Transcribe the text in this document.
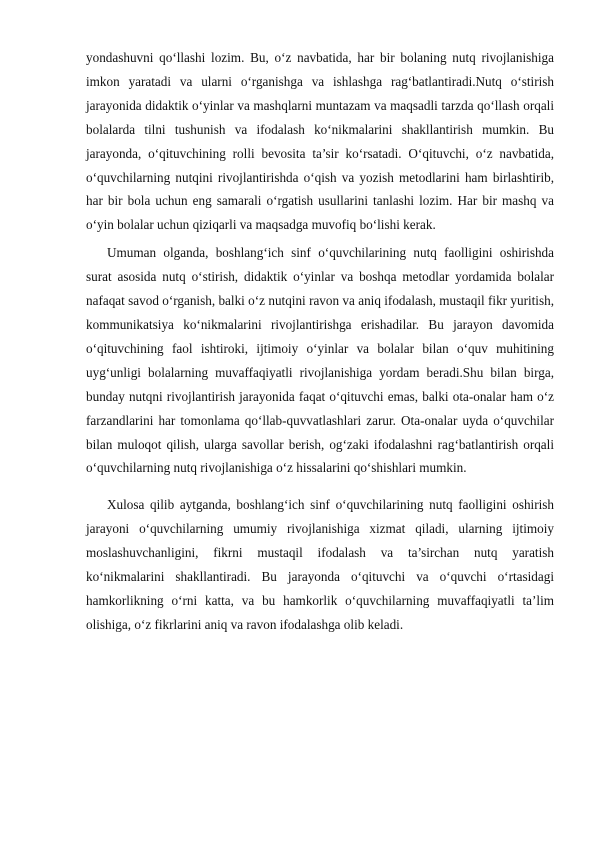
yondashuvni qo‘llashi lozim. Bu, o‘z navbatida, har bir bolaning nutq rivojlanishiga imkon yaratadi va ularni o‘rganishga va ishlashga rag‘batlantiradi.Nutq o‘stirish jarayonida didaktik o‘yinlar va mashqlarni muntazam va maqsadli tarzda qo‘llash orqali bolalarda tilni tushunish va ifodalash ko‘nikmalarini shakllantirish mumkin. Bu jarayonda, o‘qituvchining rolli bevosita ta’sir ko‘rsatadi. O‘qituvchi, o‘z navbatida, o‘quvchilarning nutqini rivojlantirishda o‘qish va yozish metodlarini ham birlashtirib, har bir bola uchun eng samarali o‘rgatish usullarini tanlashi lozim. Har bir mashq va o‘yin bolalar uchun qiziqarli va maqsadga muvofiq bo‘lishi kerak.

Umuman olganda, boshlang‘ich sinf o‘quvchilarining nutq faolligini oshirishda surat asosida nutq o‘stirish, didaktik o‘yinlar va boshqa metodlar yordamida bolalar nafaqat savod o‘rganish, balki o‘z nutqini ravon va aniq ifodalash, mustaqil fikr yuritish, kommunikatsiya ko‘nikmalarini rivojlantirishga erishadilar. Bu jarayon davomida o‘qituvchining faol ishtiroki, ijtimoiy o‘yinlar va bolalar bilan o‘quv muhitining uyg‘unligi bolalarning muvaffaqiyatli rivojlanishiga yordam beradi.Shu bilan birga, bunday nutqni rivojlantirish jarayonida faqat o‘qituvchi emas, balki ota-onalar ham o‘z farzandlarini har tomonlama qo‘llab-quvvatlashlari zarur. Ota-onalar uyda o‘quvchilar bilan muloqot qilish, ularga savollar berish, og‘zaki ifodalashni rag‘batlantirish orqali o‘quvchilarning nutq rivojlanishiga o‘z hissalarini qo‘shishlari mumkin.

Xulosa qilib aytganda, boshlang‘ich sinf o‘quvchilarining nutq faolligini oshirish jarayoni o‘quvchilarning umumiy rivojlanishiga xizmat qiladi, ularning ijtimoiy moslashuvchanligini, fikrni mustaqil ifodalash va ta’sirchan nutq yaratish ko‘nikmalarini shakllantiradi. Bu jarayonda o‘qituvchi va o‘quvchi o‘rtasidagi hamkorlikning o‘rni katta, va bu hamkorlik o‘quvchilarning muvaffaqiyatli ta’lim olishiga, o‘z fikrlarini aniq va ravon ifodalashga olib keladi.
